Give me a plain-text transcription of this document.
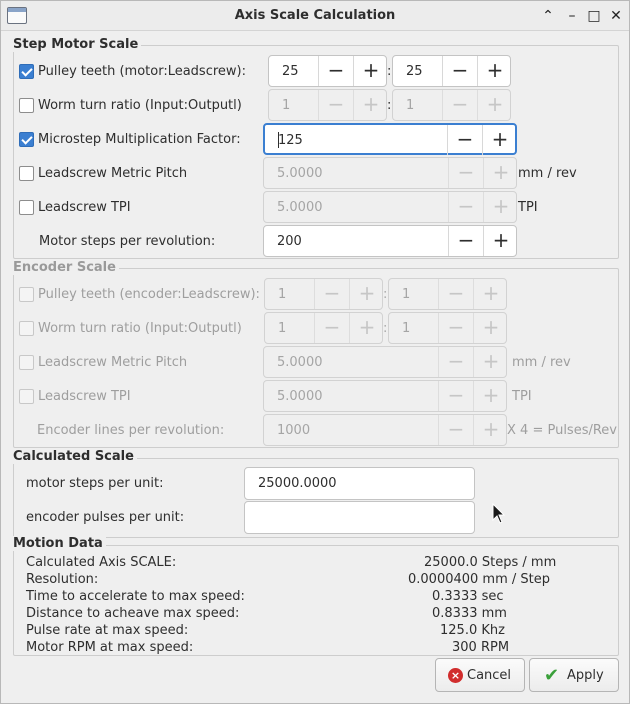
Axis Scale Calculation	⌃	– □ ✕
Step Motor Scale
Pulley teeth (motor:Leadscrew):	25	− + : 25	− +
Worm turn ratio (Input:Outputl)	1	− + : 1	− +
Microstep Multiplication Factor:	125	− +
Leadscrew Metric Pitch	5.0000	− + mm / rev
Leadscrew TPI	5.0000	− + TPI
Motor steps per revolution:	200	− +
Encoder Scale
Pulley teeth (encoder:Leadscrew): 1	− + : 1	− +
Worm turn ratio (Input:Outputl)	1	− + : 1	− +
Leadscrew Metric Pitch	5.0000	− + mm / rev
Leadscrew TPI	5.0000	− + TPI
Encoder lines per revolution:	1000	− + X 4 = Pulses/Rev
Calculated Scale
motor steps per unit:	25000.0000
encoder pulses per unit:
Motion Data
Calculated Axis SCALE:	25000.0 Steps / mm
Resolution:	0.0000400 mm / Step
Time to accelerate to max speed:	0.3333 sec
Distance to acheave max speed:	0.8333 mm
Pulse rate at max speed:	125.0 Khz
Motor RPM at max speed:	300 RPM
× Cancel ✔ Apply
